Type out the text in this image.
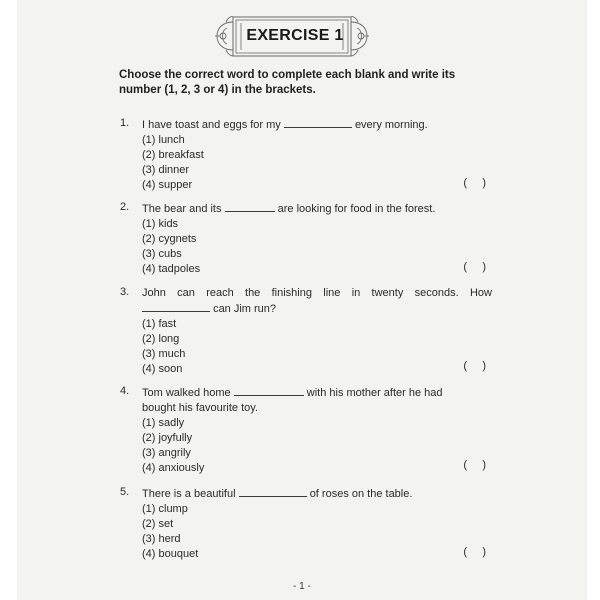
EXERCISE 1
Choose the correct word to complete each blank and write its number (1, 2, 3 or 4) in the brackets.
1. I have toast and eggs for my	every morning.
(1) lunch
(2) breakfast
(3) dinner
(4) supper	(     )
2. The bear and its	are looking for food in the forest.
(1) kids
(2) cygnets
(3) cubs
(4) tadpoles	(     )
3. John can reach the finishing line in twenty seconds. How
can Jim run?
(1) fast
(2) long
(3) much
(4) soon	(     )
4. Tom walked home	with his mother after he had
bought his favourite toy.
(1) sadly
(2) joyfully
(3) angrily
(4) anxiously	(     )
5. There is a beautiful	of roses on the table.
(1) clump
(2) set
(3) herd
(4) bouquet	(     )
- 1 -
